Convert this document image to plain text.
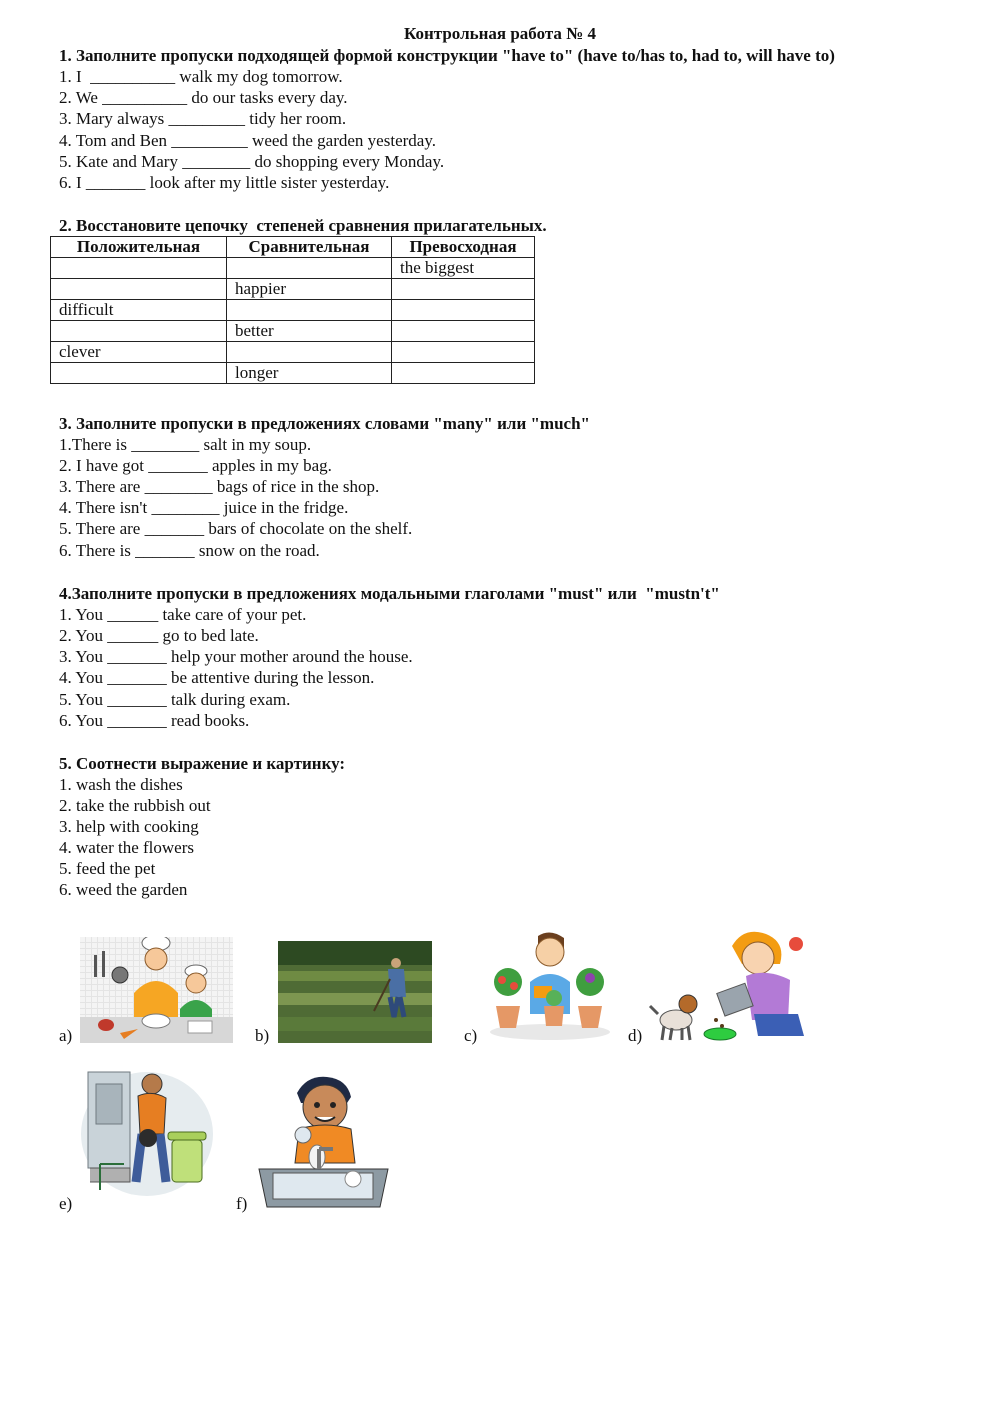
Контрольная работа № 4
1. Заполните пропуски подходящей формой конструкции "have to" (have to/has to, had to, will have to)
1. I  __________ walk my dog tomorrow.
2. We __________ do our tasks every day.
3. Mary always _________ tidy her room.
4. Tom and Ben _________ weed the garden yesterday.
5. Kate and Mary ________ do shopping every Monday.
6. I _______ look after my little sister yesterday.
2. Восстановите цепочку  степеней сравнения прилагательных.
Положительная	Сравнительная	Превосходная
		the biggest
	happier	
difficult		
	better	
clever		
	longer	
3. Заполните пропуски в предложениях словами "many" или "much"
1.There is ________ salt in my soup.
2. I have got _______ apples in my bag.
3. There are ________ bags of rice in the shop.
4. There isn't ________ juice in the fridge.
5. There are _______ bars of chocolate on the shelf.
6. There is _______ snow on the road.
4.Заполните пропуски в предложениях модальными глаголами "must" или  "mustn't"
1. You ______ take care of your pet.
2. You ______ go to bed late.
3. You _______ help your mother around the house.
4. You _______ be attentive during the lesson.
5. You _______ talk during exam.
6. You _______ read books.
5. Соотнести выражение и картинку:
1. wash the dishes
2. take the rubbish out
3. help with cooking
4. water the flowers
5. feed the pet
6. weed the garden
a)	b)	c)	d)
e)	f)
